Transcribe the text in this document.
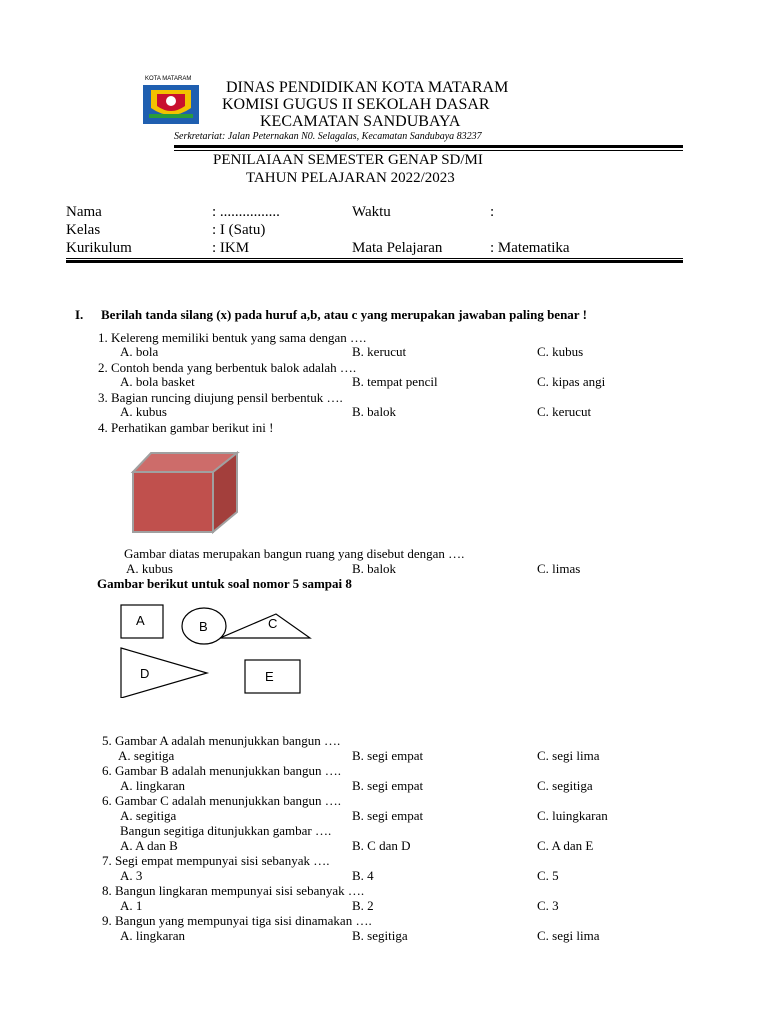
KOTA MATARAM DINAS PENDIDIKAN KOTA MATARAM
KOMISI GUGUS II SEKOLAH DASAR
KECAMATAN SANDUBAYA
Serkretariat: Jalan Peternakan N0. Selagalas, Kecamatan Sandubaya 83237
PENILAIAAN SEMESTER GENAP SD/MI
TAHUN PELAJARAN 2022/2023
Nama	: ................	Waktu	:
Kelas	: I (Satu)
Kurikulum	: IKM	Mata Pelajaran	: Matematika
I. Berilah tanda silang (x) pada huruf a,b, atau c yang merupakan jawaban paling benar !
1. Kelereng memiliki bentuk yang sama dengan ….
A. bola	B. kerucut	C. kubus
2. Contoh benda yang berbentuk balok adalah ….
A. bola basket	B. tempat pencil	C. kipas angi
3. Bagian runcing diujung pensil berbentuk ….
A. kubus	B. balok	C. kerucut
4. Perhatikan gambar berikut ini !
Gambar diatas merupakan bangun ruang yang disebut dengan ….
A. kubus	B. balok	C. limas
Gambar berikut untuk soal nomor 5 sampai 8
A	B	C
D	E
5. Gambar A adalah menunjukkan bangun ….
A. segitiga	B. segi empat	C. segi lima
6. Gambar B adalah menunjukkan bangun ….
A. lingkaran	B. segi empat	C. segitiga
6. Gambar C adalah menunjukkan bangun ….
A. segitiga	B. segi empat	C. luingkaran
Bangun segitiga ditunjukkan gambar ….
A. A dan B	B. C dan D	C. A dan E
7. Segi empat mempunyai sisi sebanyak ….
A. 3	B. 4	C. 5
8. Bangun lingkaran mempunyai sisi sebanyak ….
A. 1	B. 2	C. 3
9. Bangun yang mempunyai tiga sisi dinamakan ….
A. lingkaran	B. segitiga	C. segi lima
